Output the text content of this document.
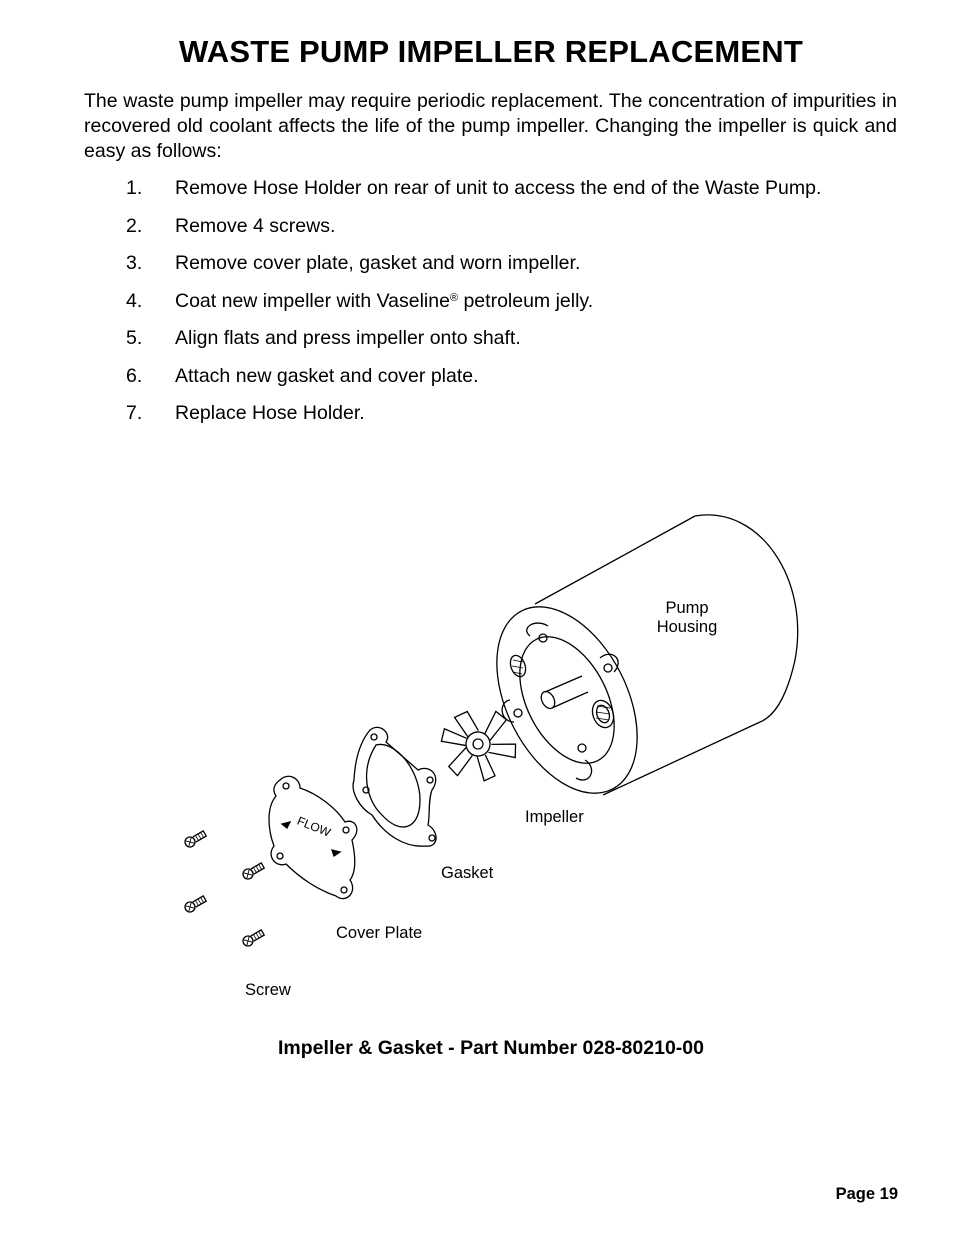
WASTE PUMP IMPELLER REPLACEMENT

The waste pump impeller may require periodic replacement. The concentration of impurities in recovered old coolant affects the life of the pump impeller. Changing the impeller is quick and easy as follows:

1. Remove Hose Holder on rear of unit to access the end of the Waste Pump.
2. Remove 4 screws.
3. Remove cover plate, gasket and worn impeller.
4. Coat new impeller with Vaseline® petroleum jelly.
5. Align flats and press impeller onto shaft.
6. Attach new gasket and cover plate.
7. Replace Hose Holder.
FLOW
Pump
Housing
Impeller
Gasket
Cover Plate
Screw
Impeller & Gasket - Part Number 028-80210-00
Page 19
